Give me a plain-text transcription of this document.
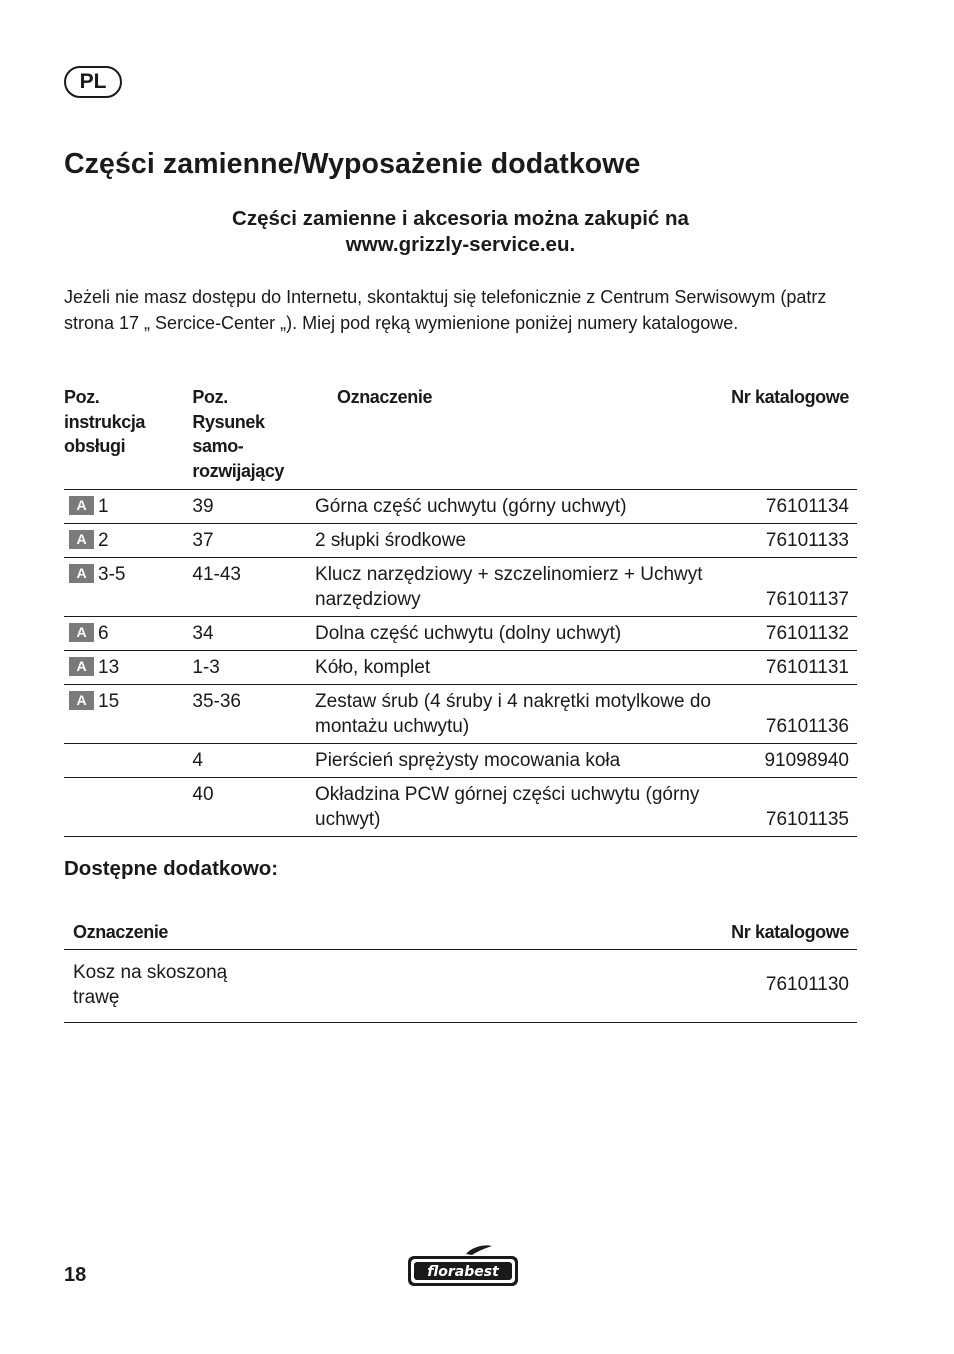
PL
Części zamienne/Wyposażenie dodatkowe
Części zamienne i akcesoria można zakupić na
www.grizzly-service.eu.

Jeżeli nie masz dostępu do Internetu, skontaktuj się telefonicznie z Centrum Serwisowym (patrz strona 17 „ Sercice-Center „). Miej pod ręką wymienione poniżej numery katalogowe.

Poz.
instrukcja
obsługi	Poz.
Rysunek samo-
rozwijający	Oznaczenie	Nr katalogowe
A 1	39	Górna część uchwytu (górny uchwyt)	76101134
A 2	37	2 słupki środkowe	76101133
A 3-5	41-43	Klucz narzędziowy + szczelinomierz + Uchwyt narzędziowy	76101137
A 6	34	Dolna część uchwytu (dolny uchwyt)	76101132
A 13	1-3	Kóło, komplet	76101131
A 15	35-36	Zestaw śrub (4 śruby i 4 nakrętki motylkowe do montażu uchwytu)	76101136
	4	Pierścień sprężysty mocowania koła	91098940
	40	Okładzina PCW górnej części uchwytu (górny uchwyt)	76101135
Dostępne dodatkowo:
Oznaczenie	Nr katalogowe
Kosz na skoszoną trawę	76101130
18	florabest
